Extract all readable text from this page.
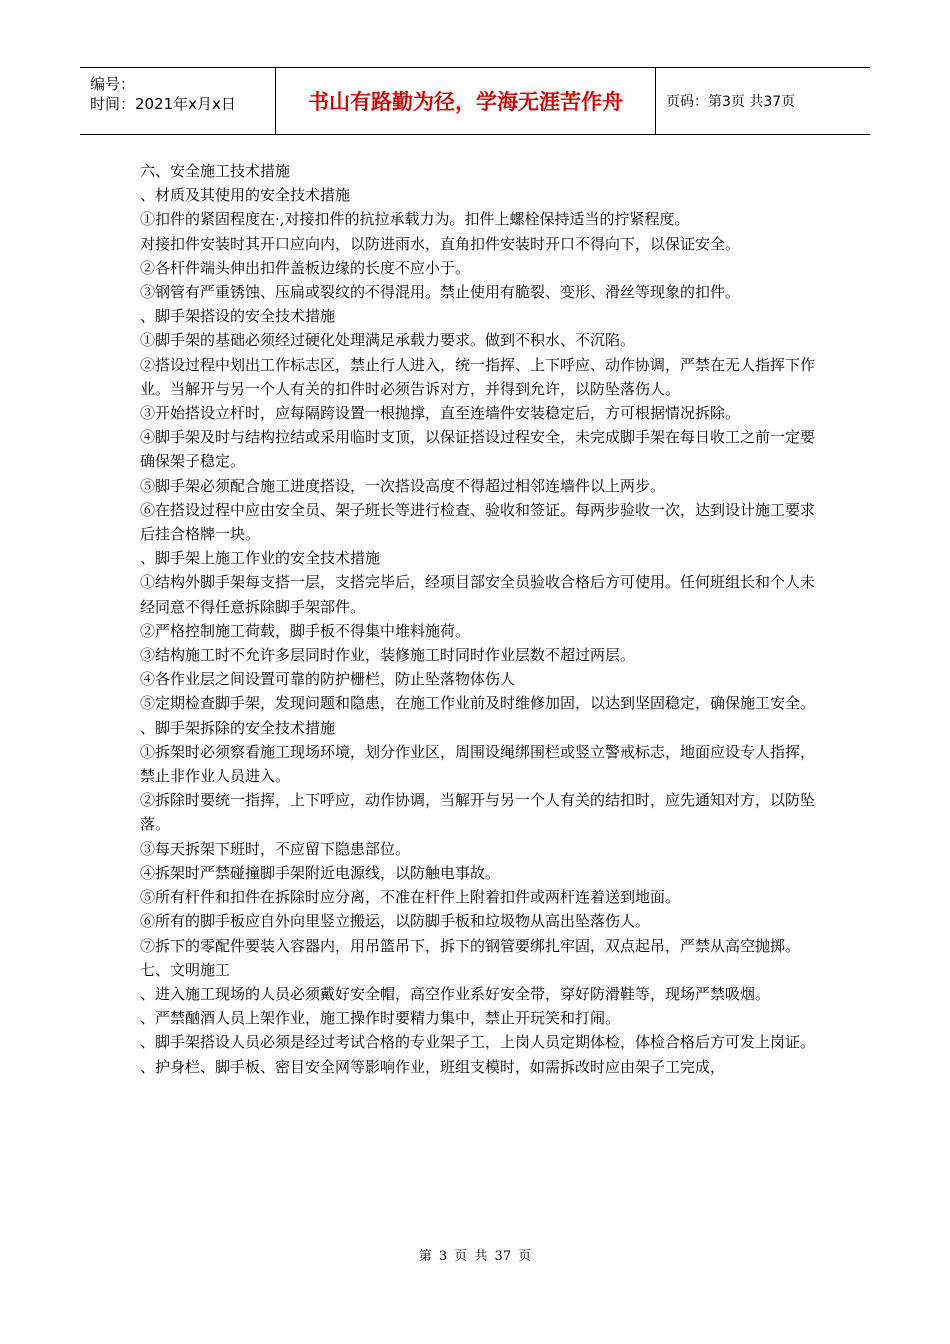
编号：
时间：2021年x月x日	书山有路勤为径，学海无涯苦作舟	页码：第3页 共37页

六、安全施工技术措施

、材质及其使用的安全技术措施

①扣件的紧固程度在·,对接扣件的抗拉承载力为。扣件上螺栓保持适当的拧紧程度。

对接扣件安装时其开口应向内，以防进雨水，直角扣件安装时开口不得向下，以保证安全。

②各杆件端头伸出扣件盖板边缘的长度不应小于。

③钢管有严重锈蚀、压扁或裂纹的不得混用。禁止使用有脆裂、变形、滑丝等现象的扣件。

、脚手架搭设的安全技术措施

①脚手架的基础必须经过硬化处理满足承载力要求。做到不积水、不沉陷。

②搭设过程中划出工作标志区，禁止行人进入，统一指挥、上下呼应、动作协调，严禁在无人指挥下作业。当解开与另一个人有关的扣件时必须告诉对方，并得到允许，以防坠落伤人。

③开始搭设立杆时，应每隔跨设置一根抛撑，直至连墙件安装稳定后，方可根据情况拆除。

④脚手架及时与结构拉结或采用临时支顶，以保证搭设过程安全，未完成脚手架在每日收工之前一定要确保架子稳定。

⑤脚手架必须配合施工进度搭设，一次搭设高度不得超过相邻连墙件以上两步。

⑥在搭设过程中应由安全员、架子班长等进行检查、验收和签证。每两步验收一次，达到设计施工要求后挂合格牌一块。

、脚手架上施工作业的安全技术措施

①结构外脚手架每支搭一层，支搭完毕后，经项目部安全员验收合格后方可使用。任何班组长和个人未经同意不得任意拆除脚手架部件。

②严格控制施工荷载，脚手板不得集中堆料施荷。

③结构施工时不允许多层同时作业，装修施工时同时作业层数不超过两层。

④各作业层之间设置可靠的防护栅栏，防止坠落物体伤人

⑤定期检查脚手架，发现问题和隐患，在施工作业前及时维修加固，以达到坚固稳定，确保施工安全。

、脚手架拆除的安全技术措施

①拆架时必须察看施工现场环境，划分作业区，周围设绳绑围栏或竖立警戒标志，地面应设专人指挥，禁止非作业人员进入。

②拆除时要统一指挥，上下呼应，动作协调，当解开与另一个人有关的结扣时，应先通知对方，以防坠落。

③每天拆架下班时，不应留下隐患部位。

④拆架时严禁碰撞脚手架附近电源线，以防触电事故。

⑤所有杆件和扣件在拆除时应分离，不准在杆件上附着扣件或两杆连着送到地面。

⑥所有的脚手板应自外向里竖立搬运，以防脚手板和垃圾物从高出坠落伤人。

⑦拆下的零配件要装入容器内，用吊篮吊下，拆下的钢管要绑扎牢固，双点起吊，严禁从高空抛掷。

七、文明施工

、进入施工现场的人员必须戴好安全帽，高空作业系好安全带，穿好防滑鞋等，现场严禁吸烟。

、严禁酗酒人员上架作业，施工操作时要精力集中，禁止开玩笑和打闹。

、脚手架搭设人员必须是经过考试合格的专业架子工，上岗人员定期体检，体检合格后方可发上岗证。

、护身栏、脚手板、密目安全网等影响作业，班组支模时，如需拆改时应由架子工完成，

第 3 页 共 37 页
